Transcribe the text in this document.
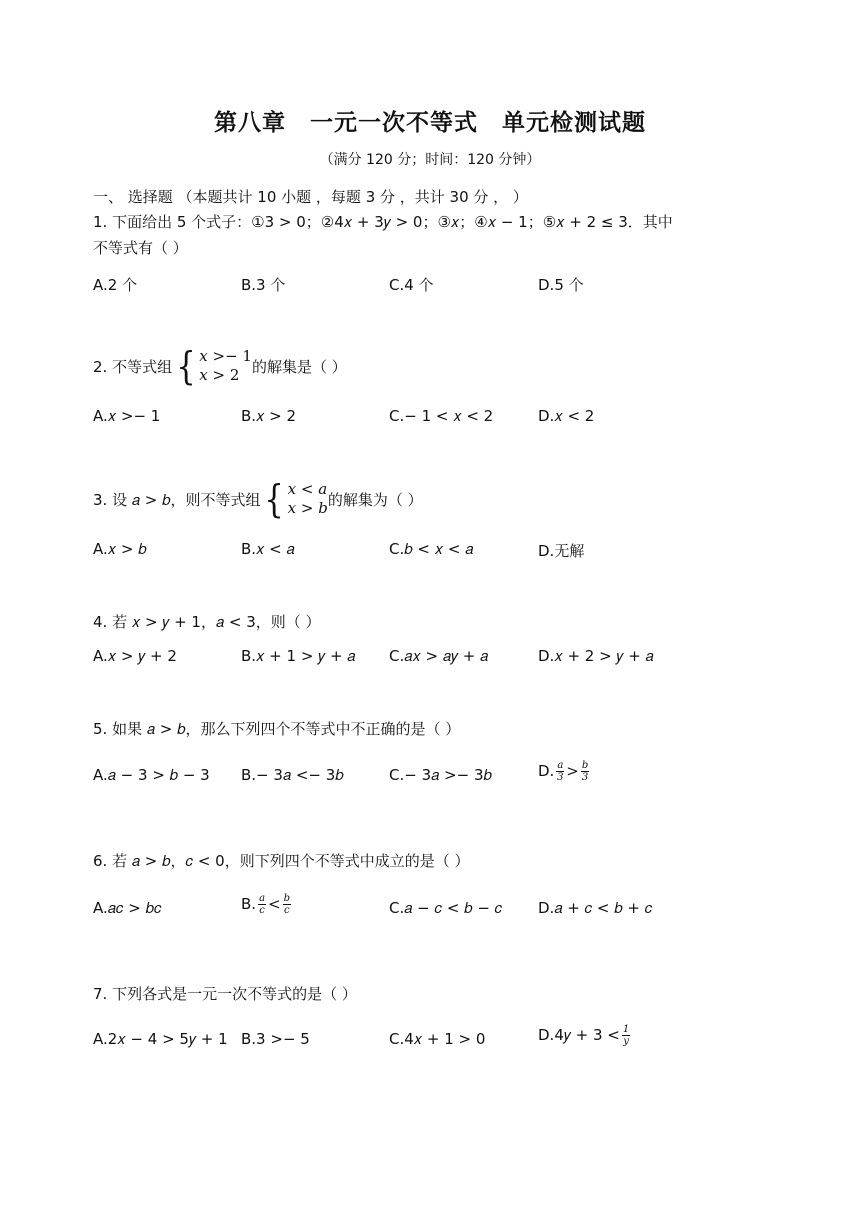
第八章　一元一次不等式　单元检测试题
（满分 120 分；时间：120 分钟）
一、 选择题 （本题共计 10 小题 ，每题 3 分 ，共计 30 分 ， ）
1. 下面给出 5 个式子：①3 > 0；②4𝑥 + 3𝑦 > 0；③𝑥；④𝑥 − 1；⑤𝑥 + 2 ≤ 3．其中
不等式有（ ）
A.2 个	B.3 个	C.4 个	D.5 个
2. 不等式组 { 𝑥 >− 1
𝑥 > 2 的解集是（ ）
A.𝑥 >− 1	B.𝑥 > 2	C.− 1 < 𝑥 < 2	D.𝑥 < 2
3. 设 𝑎 > 𝑏，则不等式组 { 𝑥 < 𝑎
𝑥 > 𝑏 的解集为（ ）
A.𝑥 > 𝑏	B.𝑥 < 𝑎	C.𝑏 < 𝑥 < 𝑎	D.无解
4. 若 𝑥 > 𝑦 + 1，𝑎 < 3，则（ ）
A.𝑥 > 𝑦 + 2	B.𝑥 + 1 > 𝑦 + 𝑎 C.𝑎𝑥 > 𝑎𝑦 + 𝑎	D.𝑥 + 2 > 𝑦 + 𝑎
5. 如果 𝑎 > 𝑏，那么下列四个不等式中不正确的是（ ）
A.𝑎 − 3 > 𝑏 − 3 B.− 3𝑎 <− 3𝑏	C.− 3𝑎 >− 3𝑏	D. $\frac{\text{𝑎}}{3} > \frac{\text{𝑏}}{3}$
6. 若 𝑎 > 𝑏，𝑐 < 0，则下列四个不等式中成立的是（ ）
A.𝑎𝑐 > 𝑏𝑐	B. $\frac{\text{𝑎}}{\text{𝑐}} < \frac{\text{𝑏}}{\text{𝑐}}$	C.𝑎 − 𝑐 < 𝑏 − 𝑐 D.𝑎 + 𝑐 < 𝑏 + 𝑐
7. 下列各式是一元一次不等式的是（ ）
A.2𝑥 − 4 > 5𝑦 + 1 B.3 >− 5	C.4𝑥 + 1 > 0	D.4𝑦 + $3 < \frac{1}{\text{𝑦}}$
